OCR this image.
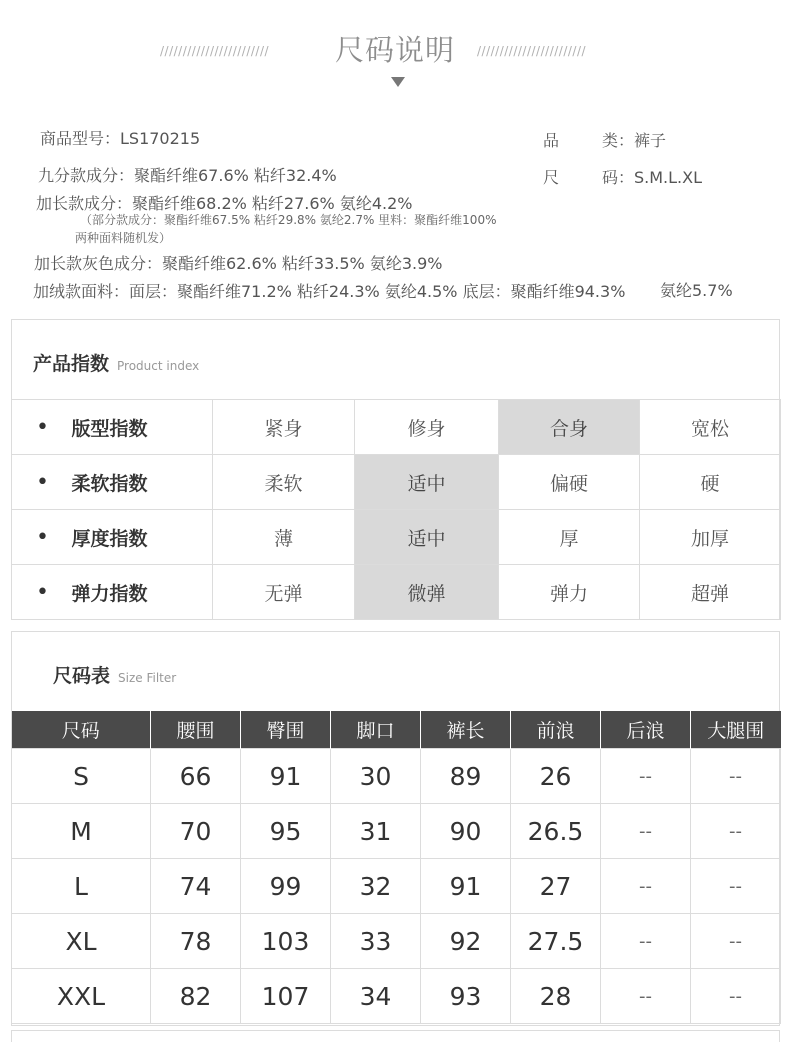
////////////////////////	尺码说明	////////////////////////
商品型号：LS170215	品	类：裤子
尺	码：S.M.L.XL
九分款成分：聚酯纤维67.6% 粘纤32.4%
加长款成分：聚酯纤维68.2% 粘纤27.6% 氨纶4.2%
（部分款成分：聚酯纤维67.5% 粘纤29.8% 氨纶2.7% 里料：聚酯纤维100%
两种面料随机发）
加长款灰色成分：聚酯纤维62.6% 粘纤33.5% 氨纶3.9%
加绒款面料：面层：聚酯纤维71.2% 粘纤24.3% 氨纶4.5% 底层：聚酯纤维94.3% 氨纶5.7%
产品指数 Product index
•	版型指数	紧身	修身	合身	宽松
•	柔软指数	柔软	适中	偏硬	硬
•	厚度指数	薄	适中	厚	加厚
•	弹力指数	无弹	微弹	弹力	超弹
尺码表 Size Filter
尺码	腰围	臀围	脚口	裤长	前浪	后浪	大腿围
S	66	91	30	89	26	--	--
M	70	95	31	90	26.5	--	--
L	74	99	32	91	27	--	--
XL	78	103	33	92	27.5	--	--
XXL	82	107	34	93	28	--	--
